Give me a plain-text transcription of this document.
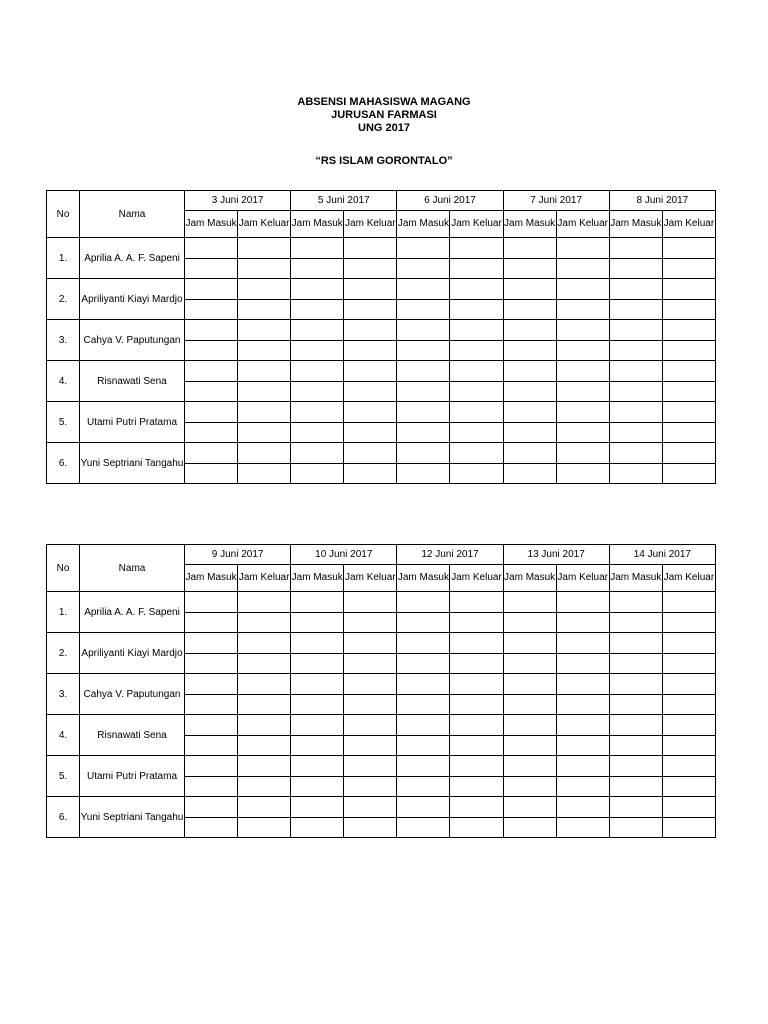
ABSENSI MAHASISWA MAGANG
JURUSAN FARMASI
UNG 2017
“RS ISLAM GORONTALO”
No	Nama	3 Juni 2017		5 Juni 2017		6 Juni 2017		7 Juni 2017		8 Juni 2017	
		Jam Masuk	Jam Keluar	Jam Masuk	Jam Keluar	Jam Masuk	Jam Keluar	Jam Masuk	Jam Keluar	Jam Masuk	Jam Keluar
1.	Aprilia A. A. F. Sapeni										

2.	Apriliyanti Kiayi Mardjo										

3.	Cahya V. Paputungan										

4.	Risnawati Sena										

5.	Utami Putri Pratama										

6.	Yuni Septriani Tangahu										

No	Nama	9 Juni 2017		10 Juni 2017		12 Juni 2017		13 Juni 2017		14 Juni 2017	
		Jam Masuk	Jam Keluar	Jam Masuk	Jam Keluar	Jam Masuk	Jam Keluar	Jam Masuk	Jam Keluar	Jam Masuk	Jam Keluar
1.	Aprilia A. A. F. Sapeni										

2.	Apriliyanti Kiayi Mardjo										

3.	Cahya V. Paputungan										

4.	Risnawati Sena										

5.	Utami Putri Pratama										

6.	Yuni Septriani Tangahu										
